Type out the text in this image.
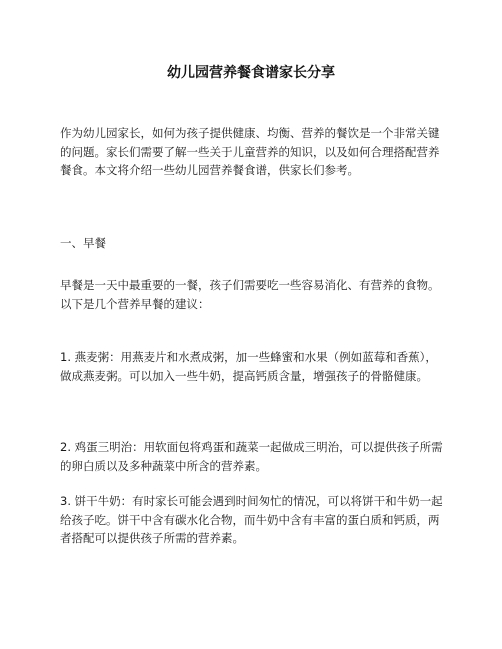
幼儿园营养餐食谱家长分享

作为幼儿园家长，如何为孩子提供健康、均衡、营养的餐饮是一个非常关键的问题。家长们需要了解一些关于儿童营养的知识，以及如何合理搭配营养餐食。本文将介绍一些幼儿园营养餐食谱，供家长们参考。

一、早餐

早餐是一天中最重要的一餐，孩子们需要吃一些容易消化、有营养的食物。以下是几个营养早餐的建议：

1. 燕麦粥：用燕麦片和水煮成粥，加一些蜂蜜和水果（例如蓝莓和香蕉），做成燕麦粥。可以加入一些牛奶，提高钙质含量，增强孩子的骨骼健康。

2. 鸡蛋三明治：用软面包将鸡蛋和蔬菜一起做成三明治，可以提供孩子所需的卵白质以及多种蔬菜中所含的营养素。

3. 饼干牛奶：有时家长可能会遇到时间匆忙的情况，可以将饼干和牛奶一起给孩子吃。饼干中含有碳水化合物，而牛奶中含有丰富的蛋白质和钙质，两者搭配可以提供孩子所需的营养素。
